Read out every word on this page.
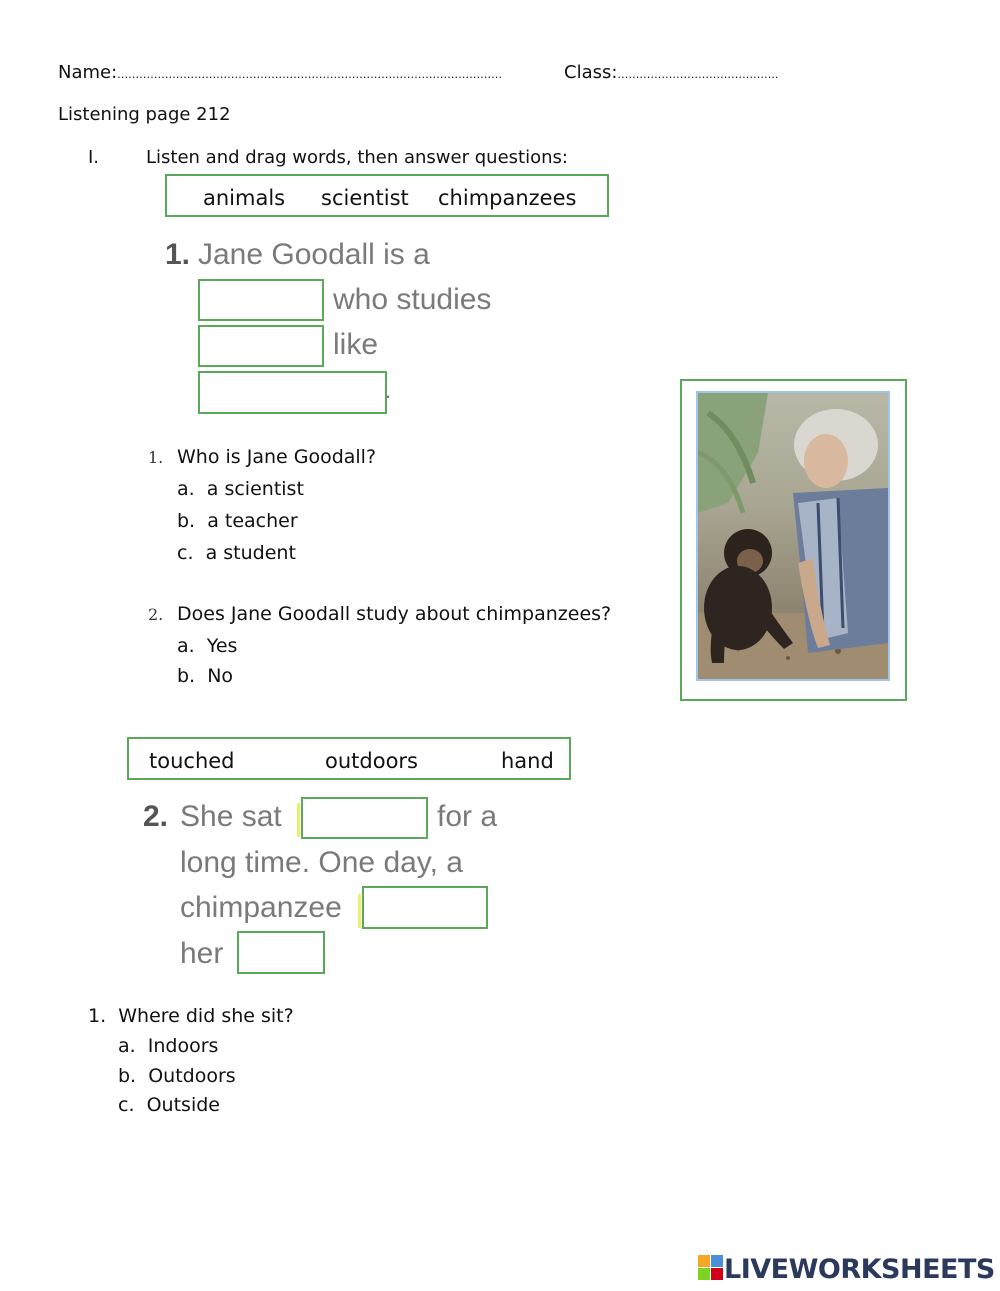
Name:……………………………………………………………………………………………	Class:……………………………………..
Listening page 212
I.	Listen and drag words, then answer questions:
animals scientist chimpanzees
1. Jane Goodall is a
who studies
like
.
1. Who is Jane Goodall?
a. a scientist
b. a teacher
c. a student
2. Does Jane Goodall study about chimpanzees?
a. Yes
b. No
touched	outdoors	hand
2. She sat	for a
long time. One day, a
chimpanzee
her
1. Where did she sit?
a. Indoors
b. Outdoors
c. Outside
LIVEWORKSHEETS
